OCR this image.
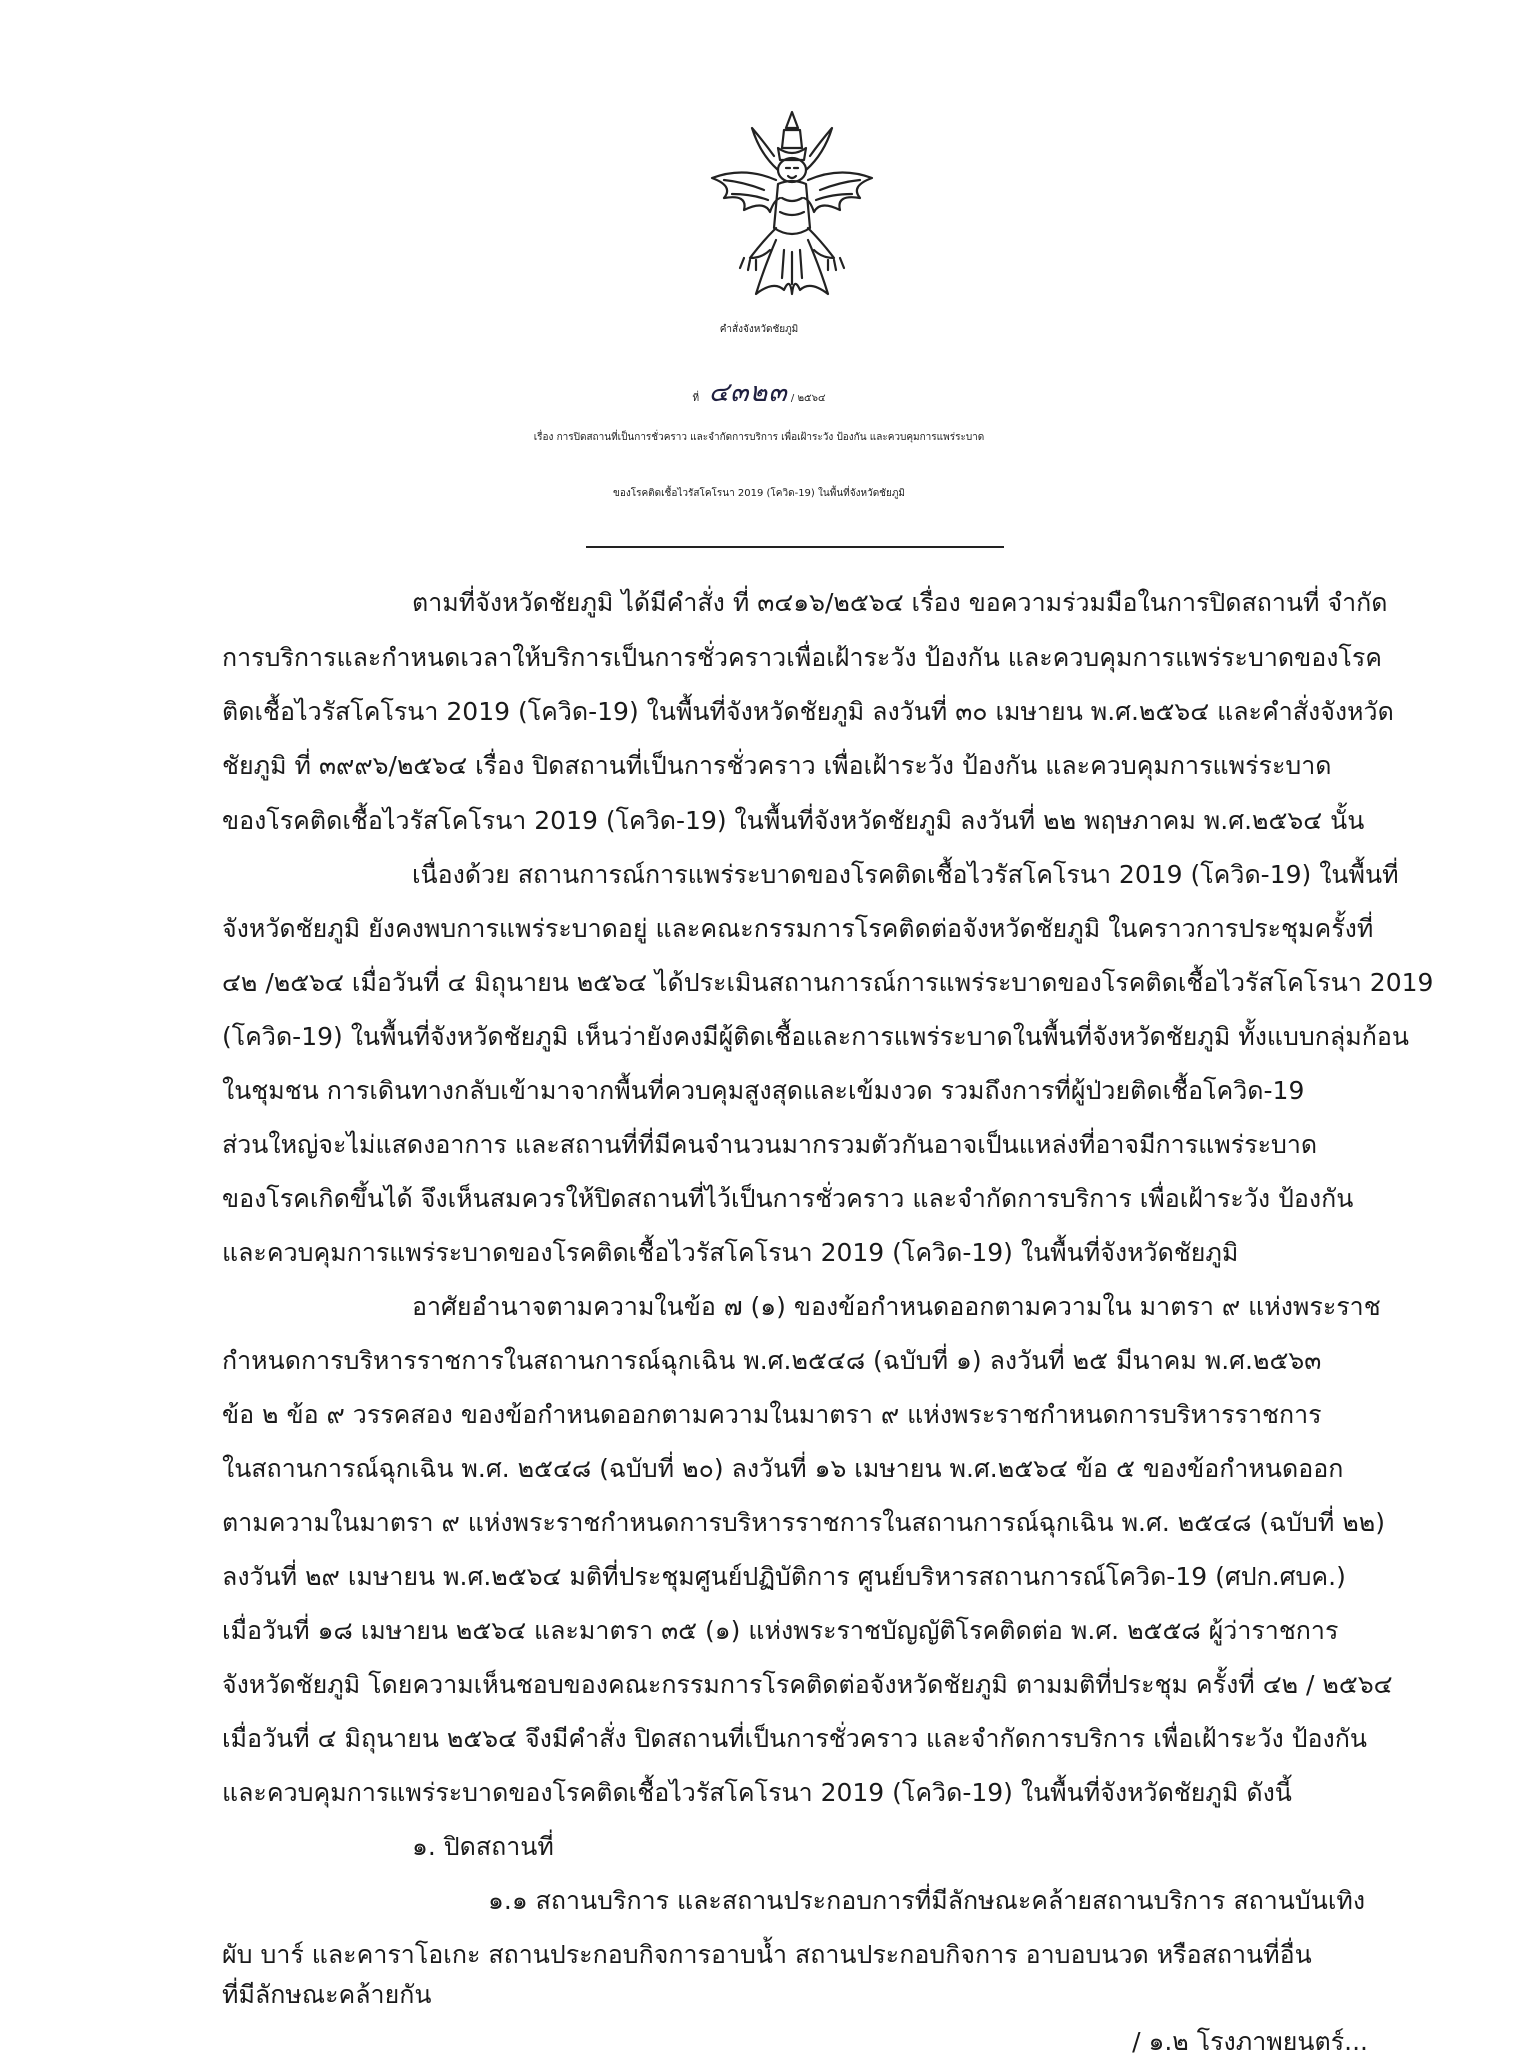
คำสั่งจังหวัดชัยภูมิ
ที่ ๔๓๒๓ / ๒๕๖๔
เรื่อง การปิดสถานที่เป็นการชั่วคราว และจำกัดการบริการ เพื่อเฝ้าระวัง ป้องกัน และควบคุมการแพร่ระบาด
ของโรคติดเชื้อไวรัสโคโรนา 2019 (โควิด-19) ในพื้นที่จังหวัดชัยภูมิ
ตามที่จังหวัดชัยภูมิ ได้มีคำสั่ง ที่ ๓๔๑๖/๒๕๖๔ เรื่อง ขอความร่วมมือในการปิดสถานที่ จำกัด
การบริการและกำหนดเวลาให้บริการเป็นการชั่วคราวเพื่อเฝ้าระวัง ป้องกัน และควบคุมการแพร่ระบาดของโรค
ติดเชื้อไวรัสโคโรนา 2019 (โควิด-19) ในพื้นที่จังหวัดชัยภูมิ ลงวันที่ ๓๐ เมษายน พ.ศ.๒๕๖๔ และคำสั่งจังหวัด
ชัยภูมิ ที่ ๓๙๙๖/๒๕๖๔ เรื่อง ปิดสถานที่เป็นการชั่วคราว เพื่อเฝ้าระวัง ป้องกัน และควบคุมการแพร่ระบาด
ของโรคติดเชื้อไวรัสโคโรนา 2019 (โควิด-19) ในพื้นที่จังหวัดชัยภูมิ ลงวันที่ ๒๒ พฤษภาคม พ.ศ.๒๕๖๔ นั้น
เนื่องด้วย สถานการณ์การแพร่ระบาดของโรคติดเชื้อไวรัสโคโรนา 2019 (โควิด-19) ในพื้นที่
จังหวัดชัยภูมิ ยังคงพบการแพร่ระบาดอยู่ และคณะกรรมการโรคติดต่อจังหวัดชัยภูมิ ในคราวการประชุมครั้งที่
๔๒ /๒๕๖๔ เมื่อวันที่ ๔ มิถุนายน ๒๕๖๔ ได้ประเมินสถานการณ์การแพร่ระบาดของโรคติดเชื้อไวรัสโคโรนา 2019
(โควิด-19) ในพื้นที่จังหวัดชัยภูมิ เห็นว่ายังคงมีผู้ติดเชื้อและการแพร่ระบาดในพื้นที่จังหวัดชัยภูมิ ทั้งแบบกลุ่มก้อน
ในชุมชน การเดินทางกลับเข้ามาจากพื้นที่ควบคุมสูงสุดและเข้มงวด รวมถึงการที่ผู้ป่วยติดเชื้อโควิด-19
ส่วนใหญ่จะไม่แสดงอาการ และสถานที่ที่มีคนจำนวนมากรวมตัวกันอาจเป็นแหล่งที่อาจมีการแพร่ระบาด
ของโรคเกิดขึ้นได้ จึงเห็นสมควรให้ปิดสถานที่ไว้เป็นการชั่วคราว และจำกัดการบริการ เพื่อเฝ้าระวัง ป้องกัน
และควบคุมการแพร่ระบาดของโรคติดเชื้อไวรัสโคโรนา 2019 (โควิด-19) ในพื้นที่จังหวัดชัยภูมิ
อาศัยอำนาจตามความในข้อ ๗ (๑) ของข้อกำหนดออกตามความใน มาตรา ๙ แห่งพระราช
กำหนดการบริหารราชการในสถานการณ์ฉุกเฉิน พ.ศ.๒๕๔๘ (ฉบับที่ ๑) ลงวันที่ ๒๕ มีนาคม พ.ศ.๒๕๖๓
ข้อ ๒ ข้อ ๙ วรรคสอง ของข้อกำหนดออกตามความในมาตรา ๙ แห่งพระราชกำหนดการบริหารราชการ
ในสถานการณ์ฉุกเฉิน พ.ศ. ๒๕๔๘ (ฉบับที่ ๒๐) ลงวันที่ ๑๖ เมษายน พ.ศ.๒๕๖๔ ข้อ ๕ ของข้อกำหนดออก
ตามความในมาตรา ๙ แห่งพระราชกำหนดการบริหารราชการในสถานการณ์ฉุกเฉิน พ.ศ. ๒๕๔๘ (ฉบับที่ ๒๒)
ลงวันที่ ๒๙ เมษายน พ.ศ.๒๕๖๔ มติที่ประชุมศูนย์ปฏิบัติการ ศูนย์บริหารสถานการณ์โควิด-19 (ศปก.ศบค.)
เมื่อวันที่ ๑๘ เมษายน ๒๕๖๔ และมาตรา ๓๕ (๑) แห่งพระราชบัญญัติโรคติดต่อ พ.ศ. ๒๕๕๘ ผู้ว่าราชการ
จังหวัดชัยภูมิ โดยความเห็นชอบของคณะกรรมการโรคติดต่อจังหวัดชัยภูมิ ตามมติที่ประชุม ครั้งที่ ๔๒ / ๒๕๖๔
เมื่อวันที่ ๔ มิถุนายน ๒๕๖๔ จึงมีคำสั่ง ปิดสถานที่เป็นการชั่วคราว และจำกัดการบริการ เพื่อเฝ้าระวัง ป้องกัน
และควบคุมการแพร่ระบาดของโรคติดเชื้อไวรัสโคโรนา 2019 (โควิด-19) ในพื้นที่จังหวัดชัยภูมิ ดังนี้
๑. ปิดสถานที่
๑.๑ สถานบริการ และสถานประกอบการที่มีลักษณะคล้ายสถานบริการ สถานบันเทิง
ผับ บาร์ และคาราโอเกะ สถานประกอบกิจการอาบน้ำ สถานประกอบกิจการ อาบอบนวด หรือสถานที่อื่น
ที่มีลักษณะคล้ายกัน
/ ๑.๒ โรงภาพยนตร์...
